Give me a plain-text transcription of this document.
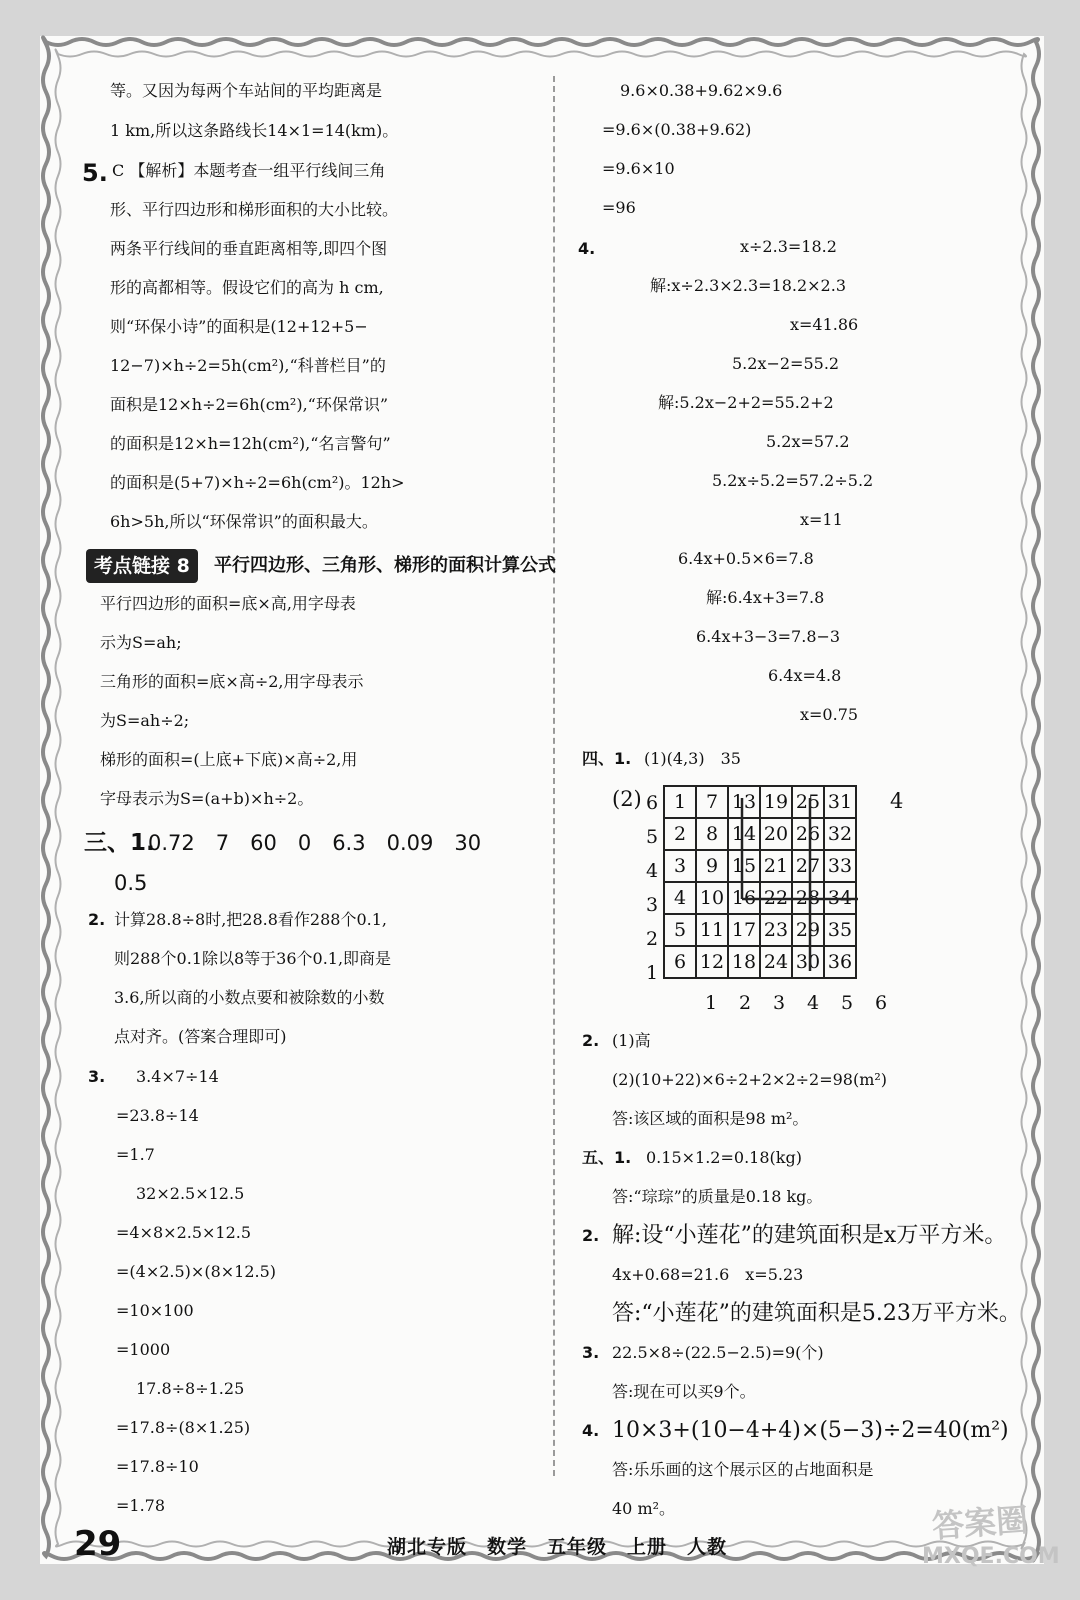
等。又因为每两个车站间的平均距离是
1 km,所以这条路线长14×1=14(km)。
5. C 【解析】本题考查一组平行线间三角
形、平行四边形和梯形面积的大小比较。
两条平行线间的垂直距离相等,即四个图
形的高都相等。假设它们的高为 h cm,
则“环保小诗”的面积是(12+12+5−
12−7)×h÷2=5h(cm²),“科普栏目”的
面积是12×h÷2=6h(cm²),“环保常识”
的面积是12×h=12h(cm²),“名言警句”
的面积是(5+7)×h÷2=6h(cm²)。12h>
6h>5h,所以“环保常识”的面积最大。
考点链接 8	平行四边形、三角形、梯形的面积计算公式
平行四边形的面积=底×高,用字母表
示为S=ah;
三角形的面积=底×高÷2,用字母表示
为S=ah÷2;
梯形的面积=(上底+下底)×高÷2,用
字母表示为S=(a+b)×h÷2。
三、1.
0.72　7　60　0　6.3　0.09　30
0.5
2. 计算28.8÷8时,把28.8看作288个0.1,
则288个0.1除以8等于36个0.1,即商是
3.6,所以商的小数点要和被除数的小数
点对齐。(答案合理即可)
3. 3.4×7÷14
=23.8÷14
=1.7
32×2.5×12.5
=4×8×2.5×12.5
=(4×2.5)×(8×12.5)
=10×100
=1000
17.8÷8÷1.25
=17.8÷(8×1.25)
=17.8÷10
=1.78
9.6×0.38+9.62×9.6
=9.6×(0.38+9.62)
=9.6×10
=96
4.	x÷2.3=18.2
解:x÷2.3×2.3=18.2×2.3
x=41.86
5.2x−2=55.2
解:5.2x−2+2=55.2+2
5.2x=57.2
5.2x÷5.2=57.2÷5.2
x=11
6.4x+0.5×6=7.8
解:6.4x+3=7.8
6.4x+3−3=7.8−3
6.4x=4.8
x=0.75
四、1. (1)(4,3)　35
(2)	4
6
5
4
3
2
1
1	7	13	19	25	31
2	8	14	20	26	32
3	9	15	21	27	33
4	10	16	22	28	34
5	11	17	23	29	35
6	12	18	24	30	36
1 2 3 4 5 6
2. (1)高
(2)(10+22)×6÷2+2×2÷2=98(m²)
答:该区域的面积是98 m²。
五、1. 0.15×1.2=0.18(kg)
答:“琮琮”的质量是0.18 kg。
2. 解:设“小莲花”的建筑面积是x万平方米。
4x+0.68=21.6　x=5.23
答:“小莲花”的建筑面积是5.23万平方米。
3. 22.5×8÷(22.5−2.5)=9(个)
答:现在可以买9个。
4. 10×3+(10−4+4)×(5−3)÷2=40(m²)
答:乐乐画的这个展示区的占地面积是
40 m²。
29	湖北专版　数学　五年级　上册　人教
答案圈
MXQE.COM
